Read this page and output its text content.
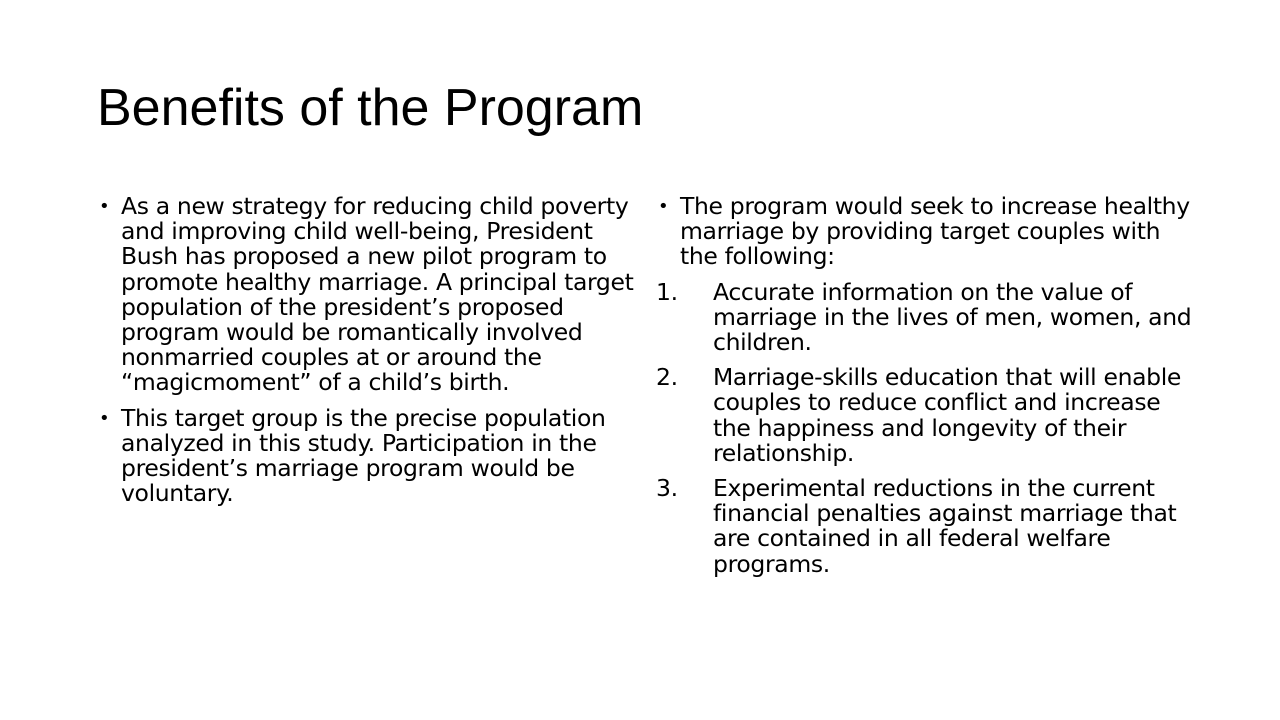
Benefits of the Program
• As a new strategy for reducing child poverty and improving child well-being, President Bush has proposed a new pilot program to promote healthy marriage. A principal target population of the president’s proposed program would be romantically involved nonmarried couples at or around the “magicmoment” of a child’s birth.
• This target group is the precise population analyzed in this study. Participation in the president’s marriage program would be voluntary.
• The program would seek to increase healthy marriage by providing target couples with the following:
1. Accurate information on the value of marriage in the lives of men, women, and children.
2. Marriage-skills education that will enable couples to reduce conflict and increase the happiness and longevity of their relationship.
3. Experimental reductions in the current financial penalties against marriage that are contained in all federal welfare programs.
